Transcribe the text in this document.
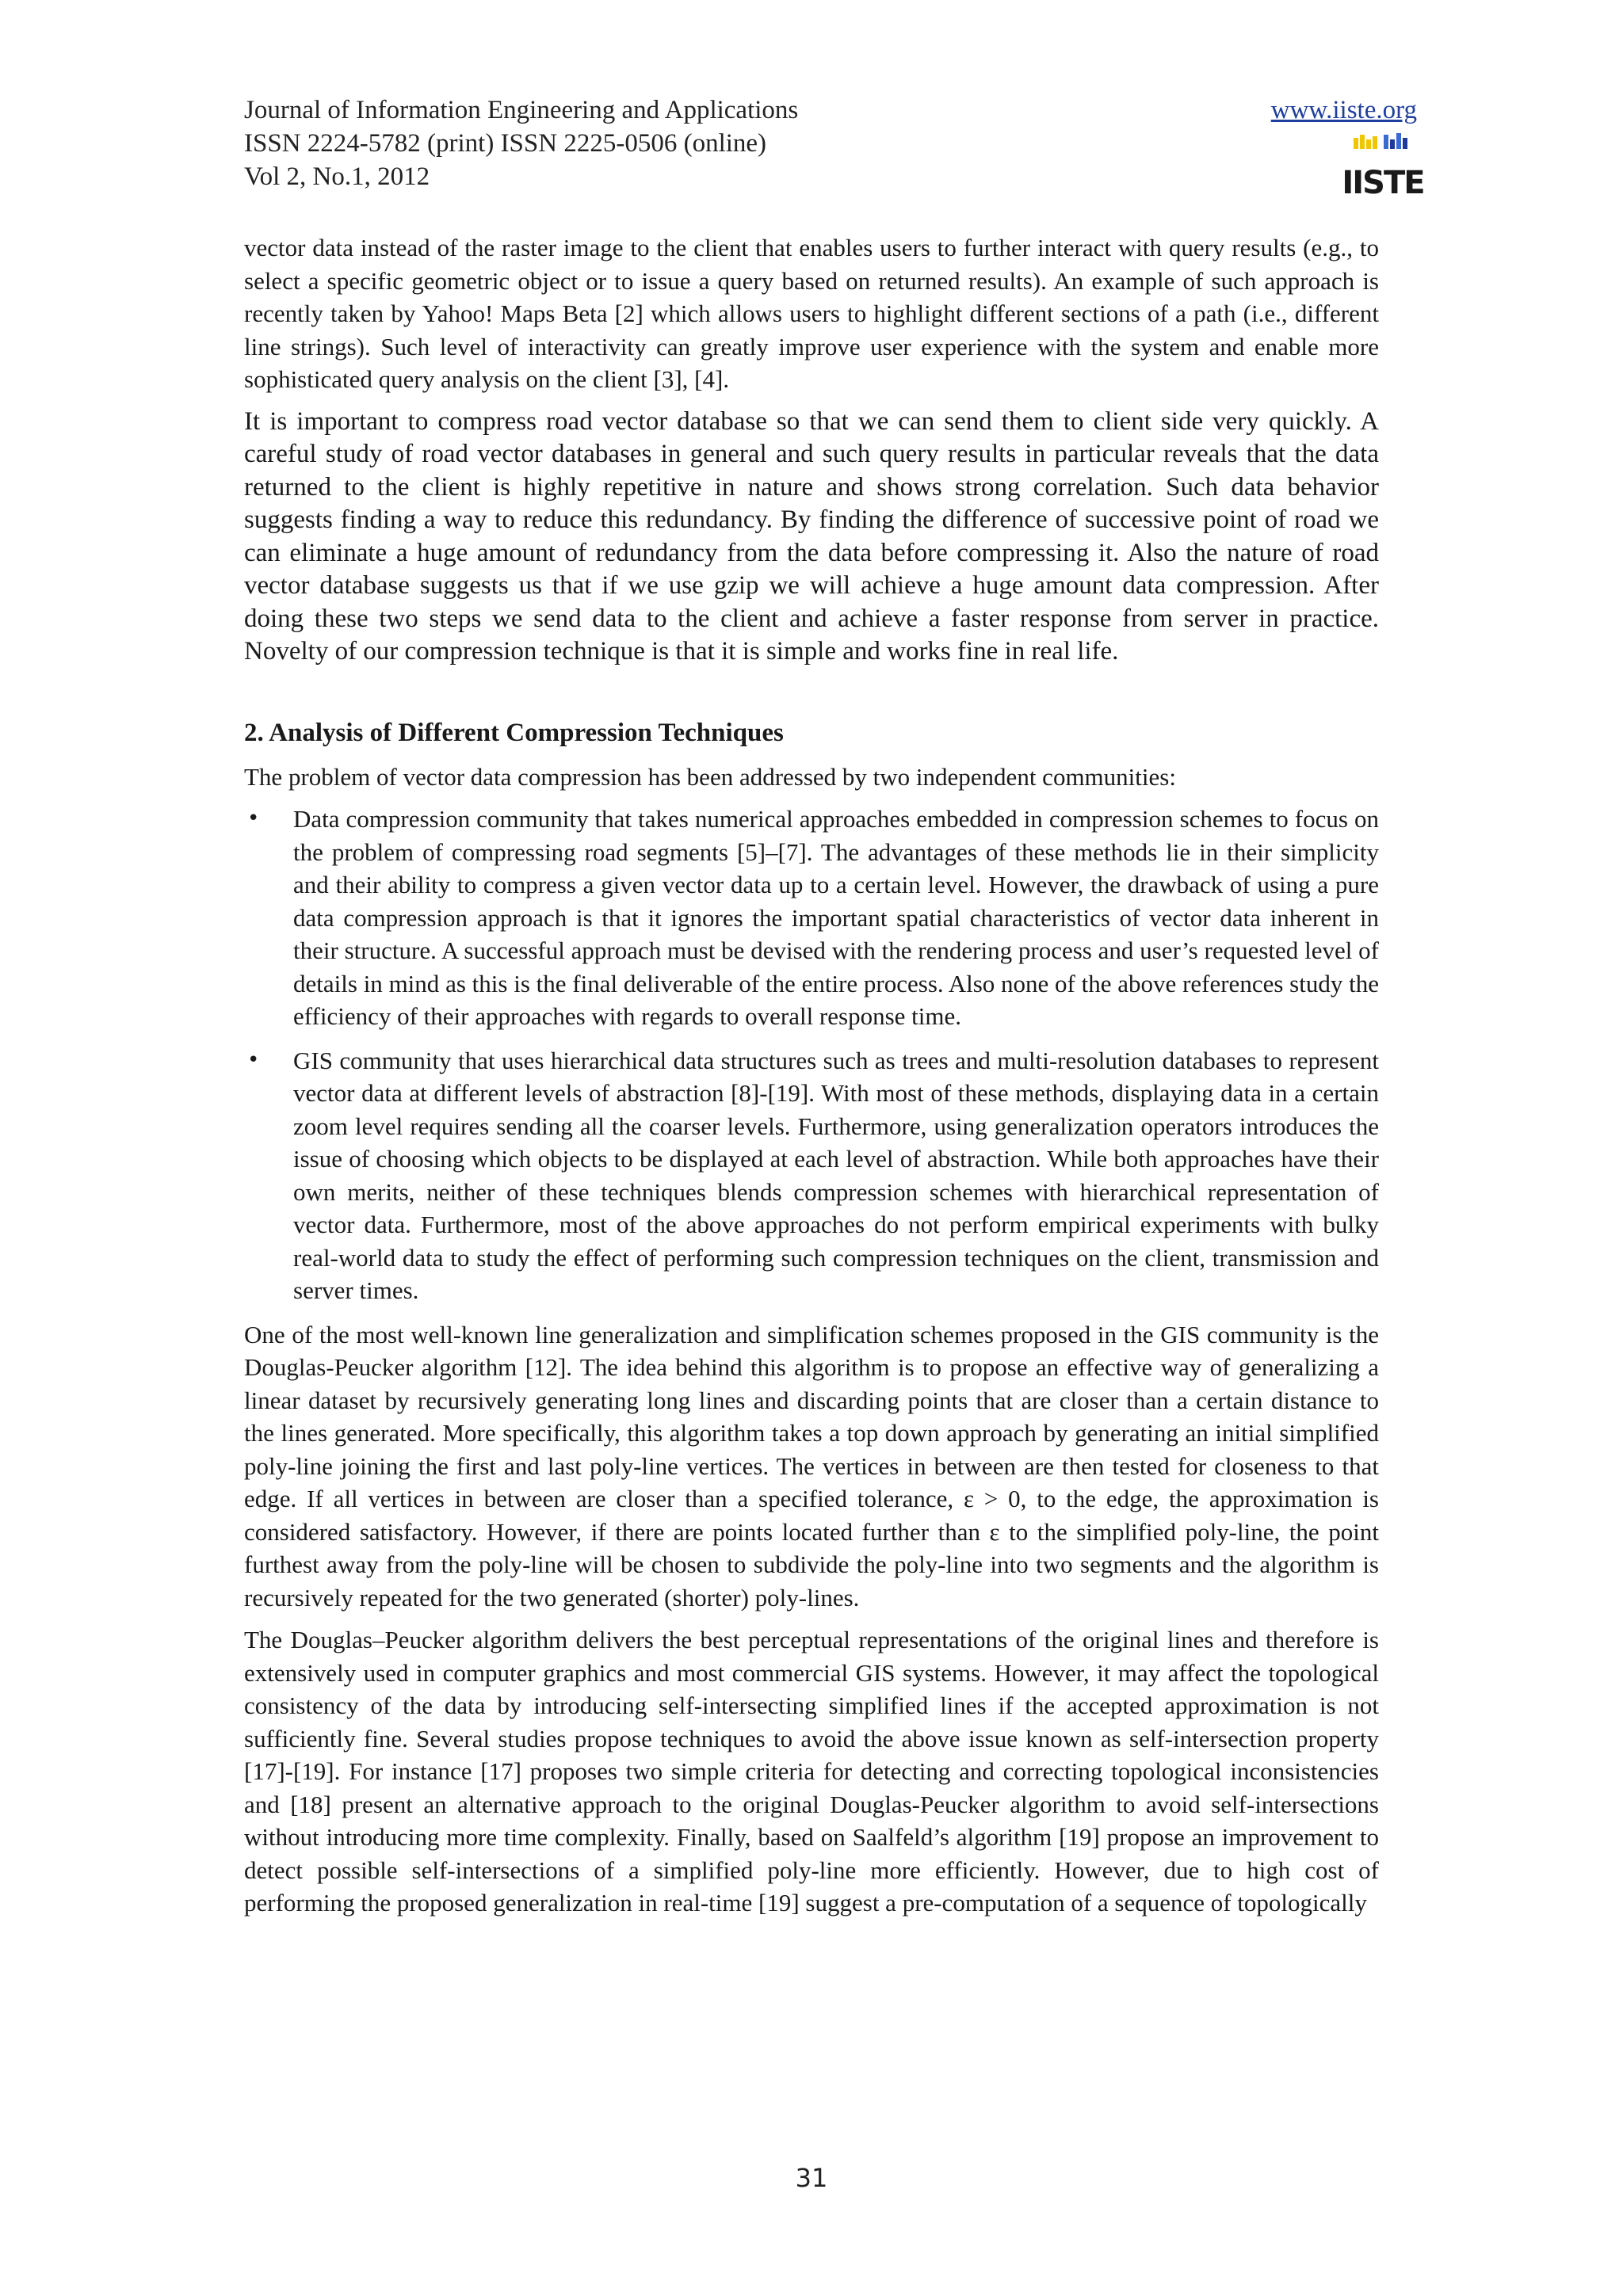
Journal of Information Engineering and Applications
ISSN 2224-5782 (print) ISSN 2225-0506 (online)
Vol 2, No.1, 2012
www.iiste.org
IISTE

vector data instead of the raster image to the client that enables users to further interact with query results (e.g., to select a specific geometric object or to issue a query based on returned results). An example of such approach is recently taken by Yahoo! Maps Beta [2] which allows users to highlight different sections of a path (i.e., different line strings). Such level of interactivity can greatly improve user experience with the system and enable more sophisticated query analysis on the client [3], [4].

It is important to compress road vector database so that we can send them to client side very quickly. A careful study of road vector databases in general and such query results in particular reveals that the data returned to the client is highly repetitive in nature and shows strong correlation. Such data behavior suggests finding a way to reduce this redundancy. By finding the difference of successive point of road we can eliminate a huge amount of redundancy from the data before compressing it. Also the nature of road vector database suggests us that if we use gzip we will achieve a huge amount data compression. After doing these two steps we send data to the client and achieve a faster response from server in practice. Novelty of our compression technique is that it is simple and works fine in real life.

2. Analysis of Different Compression Techniques

The problem of vector data compression has been addressed by two independent communities:

• Data compression community that takes numerical approaches embedded in compression schemes to focus on the problem of compressing road segments [5]–[7]. The advantages of these methods lie in their simplicity and their ability to compress a given vector data up to a certain level. However, the drawback of using a pure data compression approach is that it ignores the important spatial characteristics of vector data inherent in their structure. A successful approach must be devised with the rendering process and user’s requested level of details in mind as this is the final deliverable of the entire process. Also none of the above references study the efficiency of their approaches with regards to overall response time.
• GIS community that uses hierarchical data structures such as trees and multi-resolution databases to represent vector data at different levels of abstraction [8]-[19]. With most of these methods, displaying data in a certain zoom level requires sending all the coarser levels. Furthermore, using generalization operators introduces the issue of choosing which objects to be displayed at each level of abstraction. While both approaches have their own merits, neither of these techniques blends compression schemes with hierarchical representation of vector data. Furthermore, most of the above approaches do not perform empirical experiments with bulky real-world data to study the effect of performing such compression techniques on the client, transmission and server times.

One of the most well-known line generalization and simplification schemes proposed in the GIS community is the Douglas-Peucker algorithm [12]. The idea behind this algorithm is to propose an effective way of generalizing a linear dataset by recursively generating long lines and discarding points that are closer than a certain distance to the lines generated. More specifically, this algorithm takes a top down approach by generating an initial simplified poly-line joining the first and last poly-line vertices. The vertices in between are then tested for closeness to that edge. If all vertices in between are closer than a specified tolerance, ε > 0, to the edge, the approximation is considered satisfactory. However, if there are points located further than ε to the simplified poly-line, the point furthest away from the poly-line will be chosen to subdivide the poly-line into two segments and the algorithm is recursively repeated for the two generated (shorter) poly-lines.

The Douglas–Peucker algorithm delivers the best perceptual representations of the original lines and therefore is extensively used in computer graphics and most commercial GIS systems. However, it may affect the topological consistency of the data by introducing self-intersecting simplified lines if the accepted approximation is not sufficiently fine. Several studies propose techniques to avoid the above issue known as self-intersection property [17]-[19]. For instance [17] proposes two simple criteria for detecting and correcting topological inconsistencies and [18] present an alternative approach to the original Douglas-Peucker algorithm to avoid self-intersections without introducing more time complexity. Finally, based on Saalfeld’s algorithm [19] propose an improvement to detect possible self-intersections of a simplified poly-line more efficiently. However, due to high cost of performing the proposed generalization in real-time [19] suggest a pre-computation of a sequence of topologically

31
